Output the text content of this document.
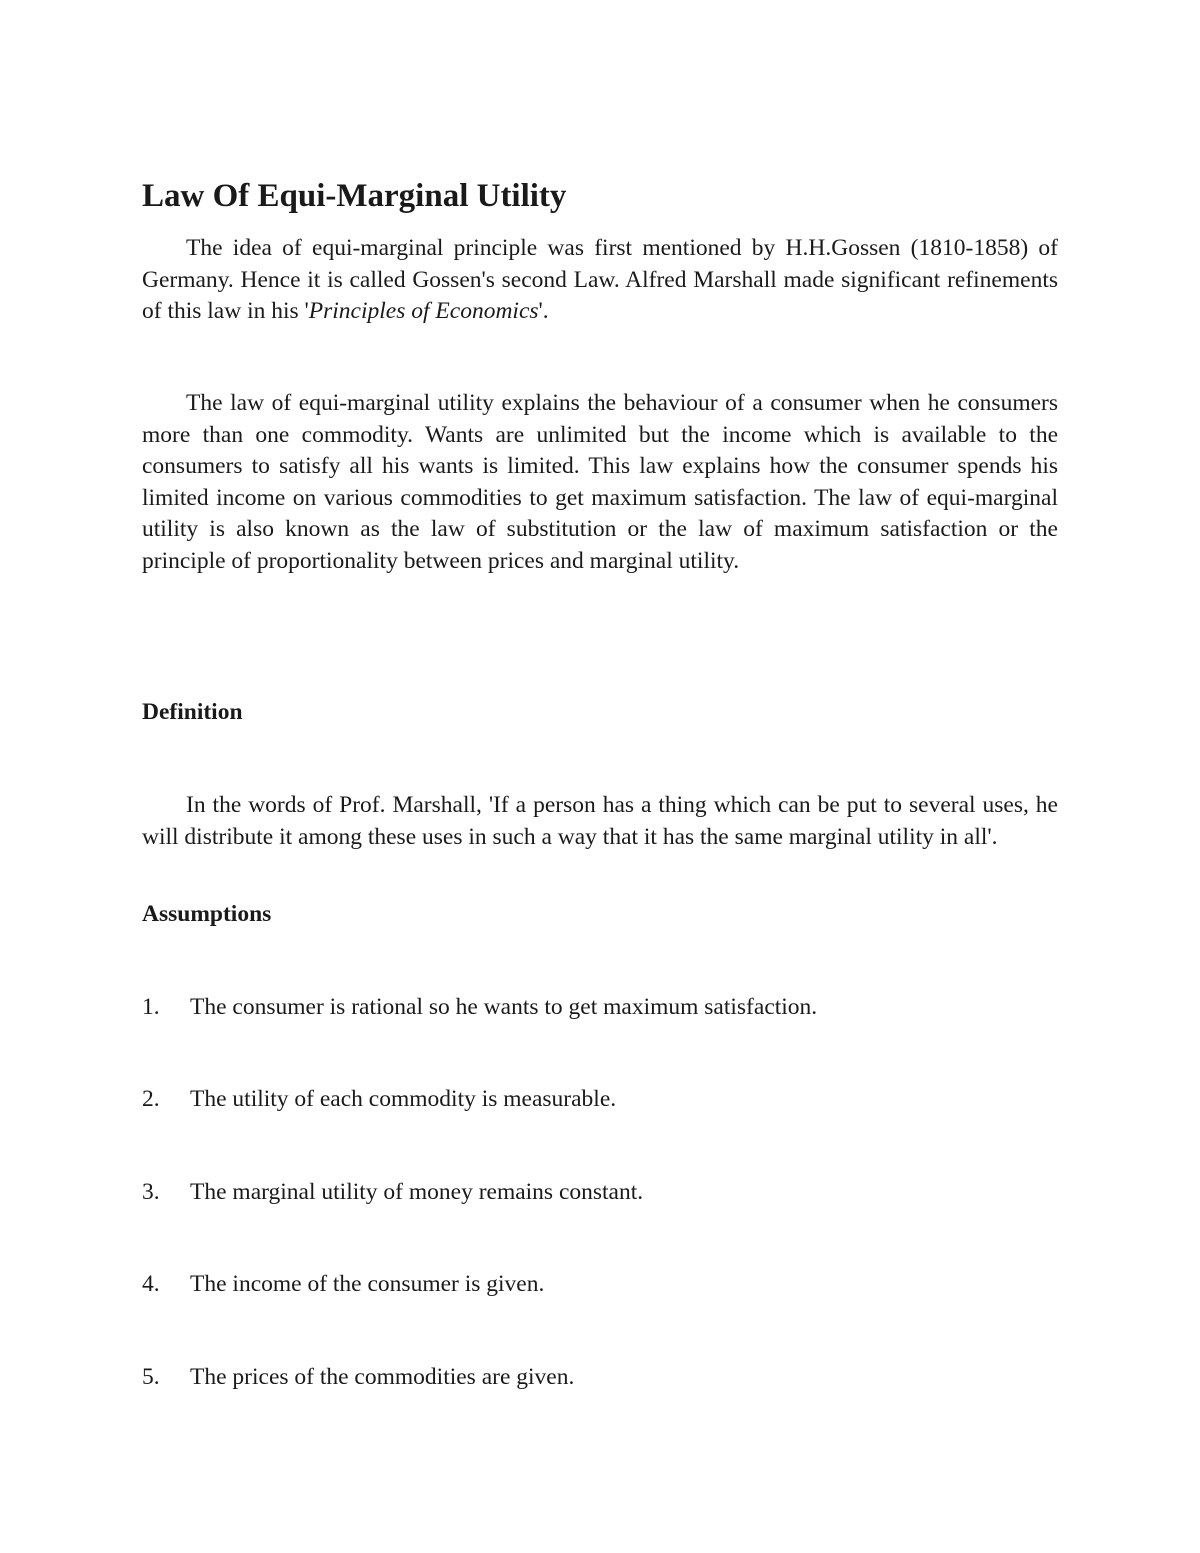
Law Of Equi-Marginal Utility

The idea of equi-marginal principle was first mentioned by H.H.Gossen (1810-1858) of Germany. Hence it is called Gossen's second Law. Alfred Marshall made significant refinements of this law in his 'Principles of Economics'.

The law of equi-marginal utility explains the behaviour of a consumer when he consumers more than one commodity. Wants are unlimited but the income which is available to the consumers to satisfy all his wants is limited. This law explains how the consumer spends his limited income on various commodities to get maximum satisfaction. The law of equi-marginal utility is also known as the law of substitution or the law of maximum satisfaction or the principle of proportionality between prices and marginal utility.

Definition

In the words of Prof. Marshall, 'If a person has a thing which can be put to several uses, he will distribute it among these uses in such a way that it has the same marginal utility in all'.

Assumptions
1. The consumer is rational so he wants to get maximum satisfaction.
2. The utility of each commodity is measurable.
3. The marginal utility of money remains constant.
4. The income of the consumer is given.
5. The prices of the commodities are given.
